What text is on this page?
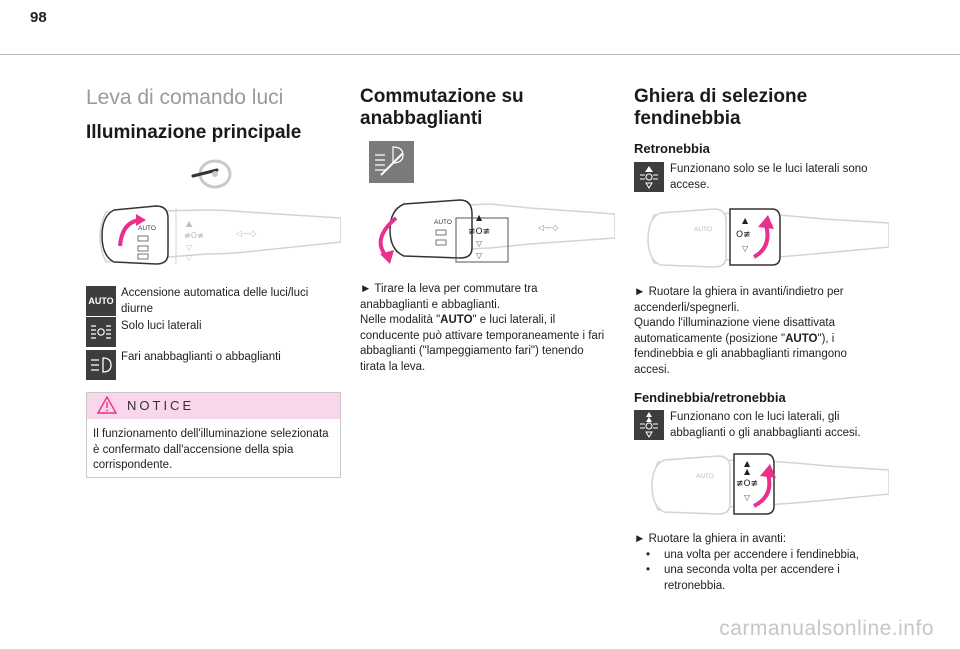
98
Leva di comando luci
Illuminazione principale
AUTO
▲
≢O≢
▽
▽
◁—◇
AUTO
Accensione automatica delle luci/luci diurne
Solo luci laterali
Fari anabbaglianti o abbaglianti
NOTICE
Il funzionamento dell'illuminazione selezionata è confermato dall'accensione della spia corrispondente.
Commutazione su anabbaglianti
AUTO
▲
≢O≢
▽
▽
◁—◇
► Tirare la leva per commutare tra anabbaglianti e abbaglianti.
Nelle modalità "AUTO" e luci laterali, il conducente può attivare temporaneamente i fari abbaglianti ("lampeggiamento fari") tenendo tirata la leva.
Ghiera di selezione fendinebbia
Retronebbia
Funzionano solo se le luci laterali sono accese.
AUTO
▲
O≢
▽
► Ruotare la ghiera in avanti/indietro per accenderli/spegnerli.
Quando l'illuminazione viene disattivata automaticamente (posizione "AUTO"), i fendinebbia e gli anabbaglianti rimangono accesi.
Fendinebbia/retronebbia
Funzionano con le luci laterali, gli abbaglianti o gli anabbaglianti accesi.
AUTO
▲
▲
≢O≢
▽
► Ruotare la ghiera in avanti:
• una volta per accendere i fendinebbia,
• una seconda volta per accendere i retronebbia.
carmanualsonline.info
